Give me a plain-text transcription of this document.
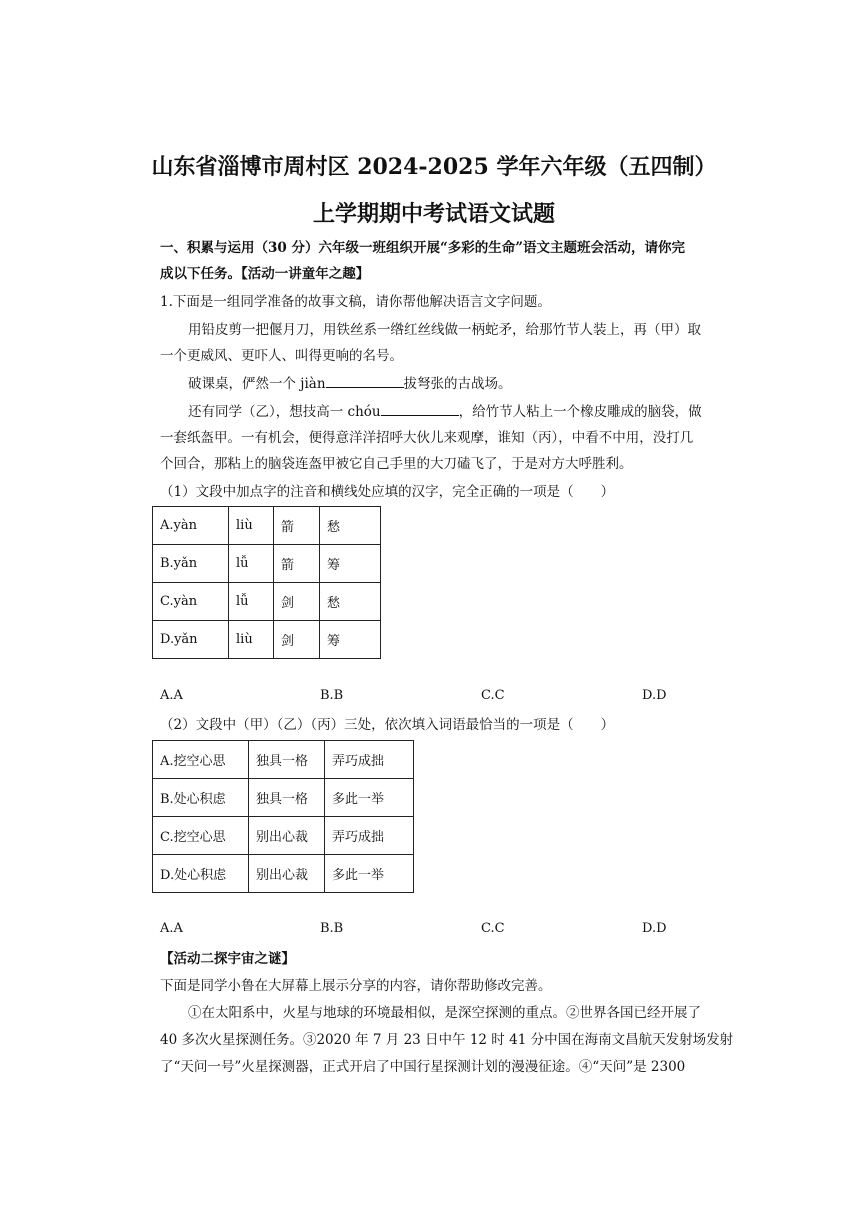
山东省淄博市周村区 2024-2025 学年六年级（五四制）
上学期期中考试语文试题
一、积累与运用（30 分）六年级一班组织开展“多彩的生命”语文主题班会活动，请你完
成以下任务。【活动一讲童年之趣】
1.下面是一组同学准备的故事文稿，请你帮他解决语言文字问题。
用铅皮剪一把偃月刀，用铁丝系一绺红丝线做一柄蛇矛，给那竹节人装上，再（甲）取
一个更威风、更吓人、叫得更响的名号。
破课桌，俨然一个 jiàn	拔弩张的古战场。
还有同学（乙），想技高一 chóu	，给竹节人粘上一个橡皮雕成的脑袋，做
一套纸盔甲。一有机会，便得意洋洋招呼大伙儿来观摩，谁知（丙），中看不中用，没打几
个回合，那粘上的脑袋连盔甲被它自己手里的大刀磕飞了，于是对方大呼胜利。
（1）文段中加点字的注音和横线处应填的汉字，完全正确的一项是（　　）
A.yàn	liù	箭	愁
B.yǎn	lǚ	箭	筹
C.yàn	lǚ	剑	愁
D.yǎn	liù	剑	筹
A.A	B.B	C.C	D.D
（2）文段中（甲）（乙）（丙）三处，依次填入词语最恰当的一项是（　　）
A.挖空心思	独具一格	弄巧成拙
B.处心积虑	独具一格	多此一举
C.挖空心思	别出心裁	弄巧成拙
D.处心积虑	别出心裁	多此一举
A.A	B.B	C.C	D.D
【活动二探宇宙之谜】
下面是同学小鲁在大屏幕上展示分享的内容，请你帮助修改完善。
①在太阳系中，火星与地球的环境最相似，是深空探测的重点。②世界各国已经开展了
40 多次火星探测任务。③2020 年 7 月 23 日中午 12 时 41 分中国在海南文昌航天发射场发射
了“天问一号”火星探测器，正式开启了中国行星探测计划的漫漫征途。④“天问”是 2300
